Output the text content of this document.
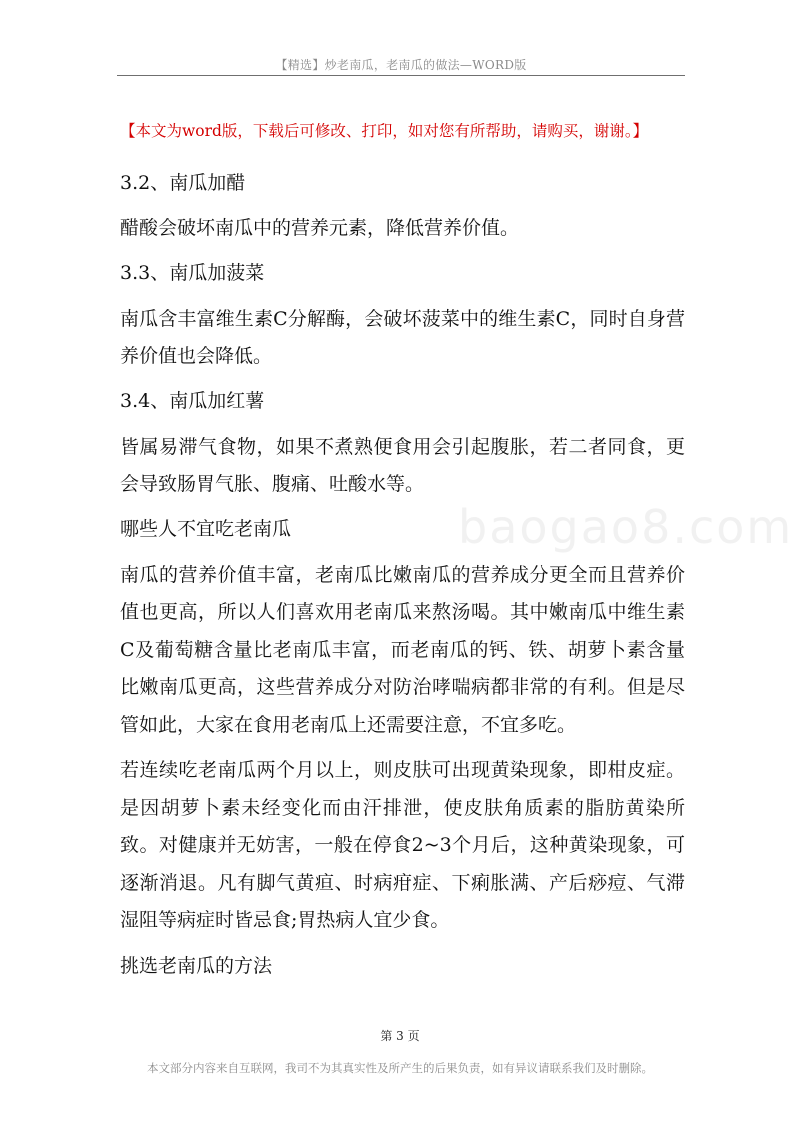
【精选】炒老南瓜，老南瓜的做法—WORD版
【本文为word版，下载后可修改、打印，如对您有所帮助，请购买，谢谢。】
baogao8.com

3.2、南瓜加醋

醋酸会破坏南瓜中的营养元素，降低营养价值。

3.3、南瓜加菠菜

南瓜含丰富维生素C分解酶，会破坏菠菜中的维生素C，同时自身营养价值也会降低。

3.4、南瓜加红薯

皆属易滞气食物，如果不煮熟便食用会引起腹胀，若二者同食，更会导致肠胃气胀、腹痛、吐酸水等。

哪些人不宜吃老南瓜

南瓜的营养价值丰富，老南瓜比嫩南瓜的营养成分更全而且营养价值也更高，所以人们喜欢用老南瓜来熬汤喝。其中嫩南瓜中维生素C及葡萄糖含量比老南瓜丰富，而老南瓜的钙、铁、胡萝卜素含量比嫩南瓜更高，这些营养成分对防治哮喘病都非常的有利。但是尽管如此，大家在食用老南瓜上还需要注意，不宜多吃。

若连续吃老南瓜两个月以上，则皮肤可出现黄染现象，即柑皮症。是因胡萝卜素未经变化而由汗排泄，使皮肤角质素的脂肪黄染所致。对健康并无妨害，一般在停食2~3个月后，这种黄染现象，可逐渐消退。凡有脚气黄疸、时病疳症、下痢胀满、产后痧痘、气滞湿阻等病症时皆忌食;胃热病人宜少食。

挑选老南瓜的方法

第 3 页
本文部分内容来自互联网，我司不为其真实性及所产生的后果负责，如有异议请联系我们及时删除。
